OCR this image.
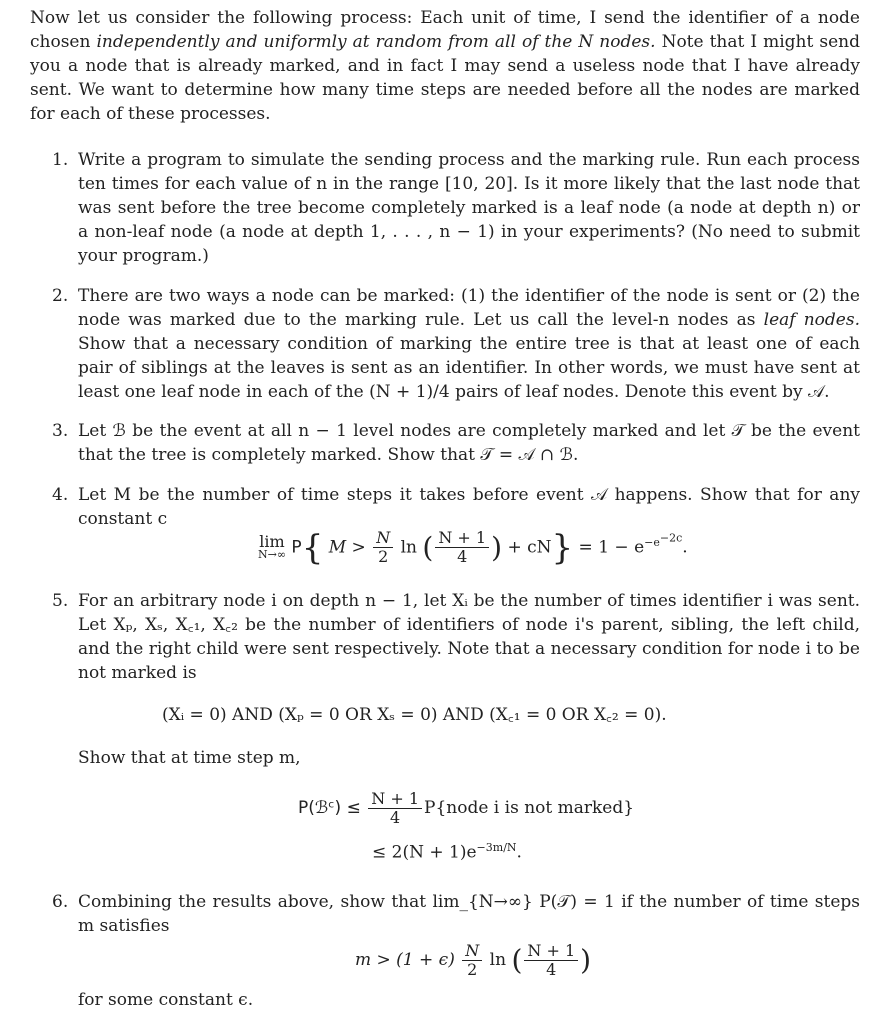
Now let us consider the following process: Each unit of time, I send the identifier of a node chosen independently and uniformly at random from all of the N nodes. Note that I might send you a node that is already marked, and in fact I may send a useless node that I have already sent. We want to determine how many time steps are needed before all the nodes are marked for each of these processes.

1. Write a program to simulate the sending process and the marking rule. Run each process ten times for each value of n in the range [10, 20]. Is it more likely that the last node that was sent before the tree become completely marked is a leaf node (a node at depth n) or a non-leaf node (a node at depth 1, . . . , n − 1) in your experiments? (No need to submit your program.)

2. There are two ways a node can be marked: (1) the identifier of the node is sent or (2) the node was marked due to the marking rule. Let us call the level-n nodes as leaf nodes. Show that a necessary condition of marking the entire tree is that at least one of each pair of siblings at the leaves is sent as an identifier. In other words, we must have sent at least one leaf node in each of the (N + 1)/4 pairs of leaf nodes. Denote this event by 𝒜.

3. Let ℬ be the event at all n − 1 level nodes are completely marked and let 𝒯 be the event that the tree is completely marked. Show that 𝒯 = 𝒜 ∩ ℬ.

4. Let M be the number of time steps it takes before event 𝒜 happens. Show that for any constant c

lim
N→∞ P{ $M > \frac{N}{2}$ ln ( $\frac{N + 1}{4}$ ) + $cN\} = 1 - e^{-e^{-2c}}$.
5. For an arbitrary node i on depth n − 1, let Xᵢ be the number of times identifier i was sent. Let Xₚ, Xₛ, X꜀₁, X꜀₂ be the number of identifiers of node i's parent, sibling, the left child, and the right child were sent respectively. Note that a necessary condition for node i to be not marked is

(Xᵢ = 0) AND (Xₚ = 0 OR Xₛ = 0) AND (X꜀₁ = 0 OR X꜀₂ = 0).

Show that at time step m,

P(ℬᶜ) ≤ $\frac{N + 1}{4}$ P{node i is not marked}
≤ $2(N + 1)e^{-3m/N}$.
6. Combining the results above, show that lim_{N→∞} P(𝒯) = 1 if the number of time steps m satisfies

$m > (1 + \epsilon) \frac{N}{2}$ ln ( $\frac{N + 1}{4}$ )

for some constant ϵ.
